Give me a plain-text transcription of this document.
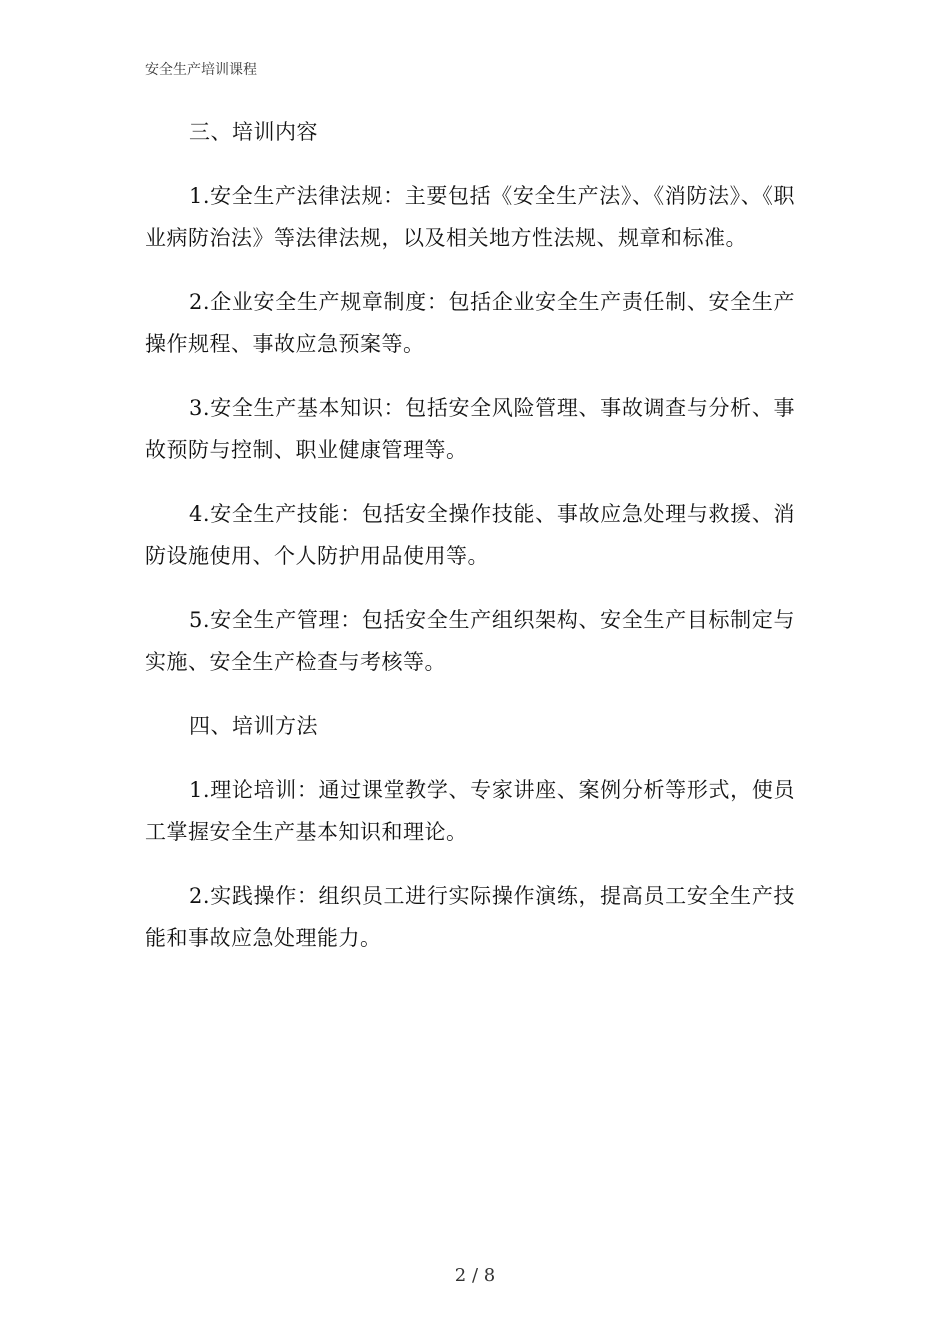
安全生产培训课程

三、培训内容

1.安全生产法律法规：主要包括《安全生产法》、《消防法》、《职业病防治法》等法律法规，以及相关地方性法规、规章和标准。

2.企业安全生产规章制度：包括企业安全生产责任制、安全生产操作规程、事故应急预案等。

3.安全生产基本知识：包括安全风险管理、事故调查与分析、事故预防与控制、职业健康管理等。

4.安全生产技能：包括安全操作技能、事故应急处理与救援、消防设施使用、个人防护用品使用等。

5.安全生产管理：包括安全生产组织架构、安全生产目标制定与实施、安全生产检查与考核等。

四、培训方法

1.理论培训：通过课堂教学、专家讲座、案例分析等形式，使员工掌握安全生产基本知识和理论。

2.实践操作：组织员工进行实际操作演练，提高员工安全生产技能和事故应急处理能力。

2 / 8
